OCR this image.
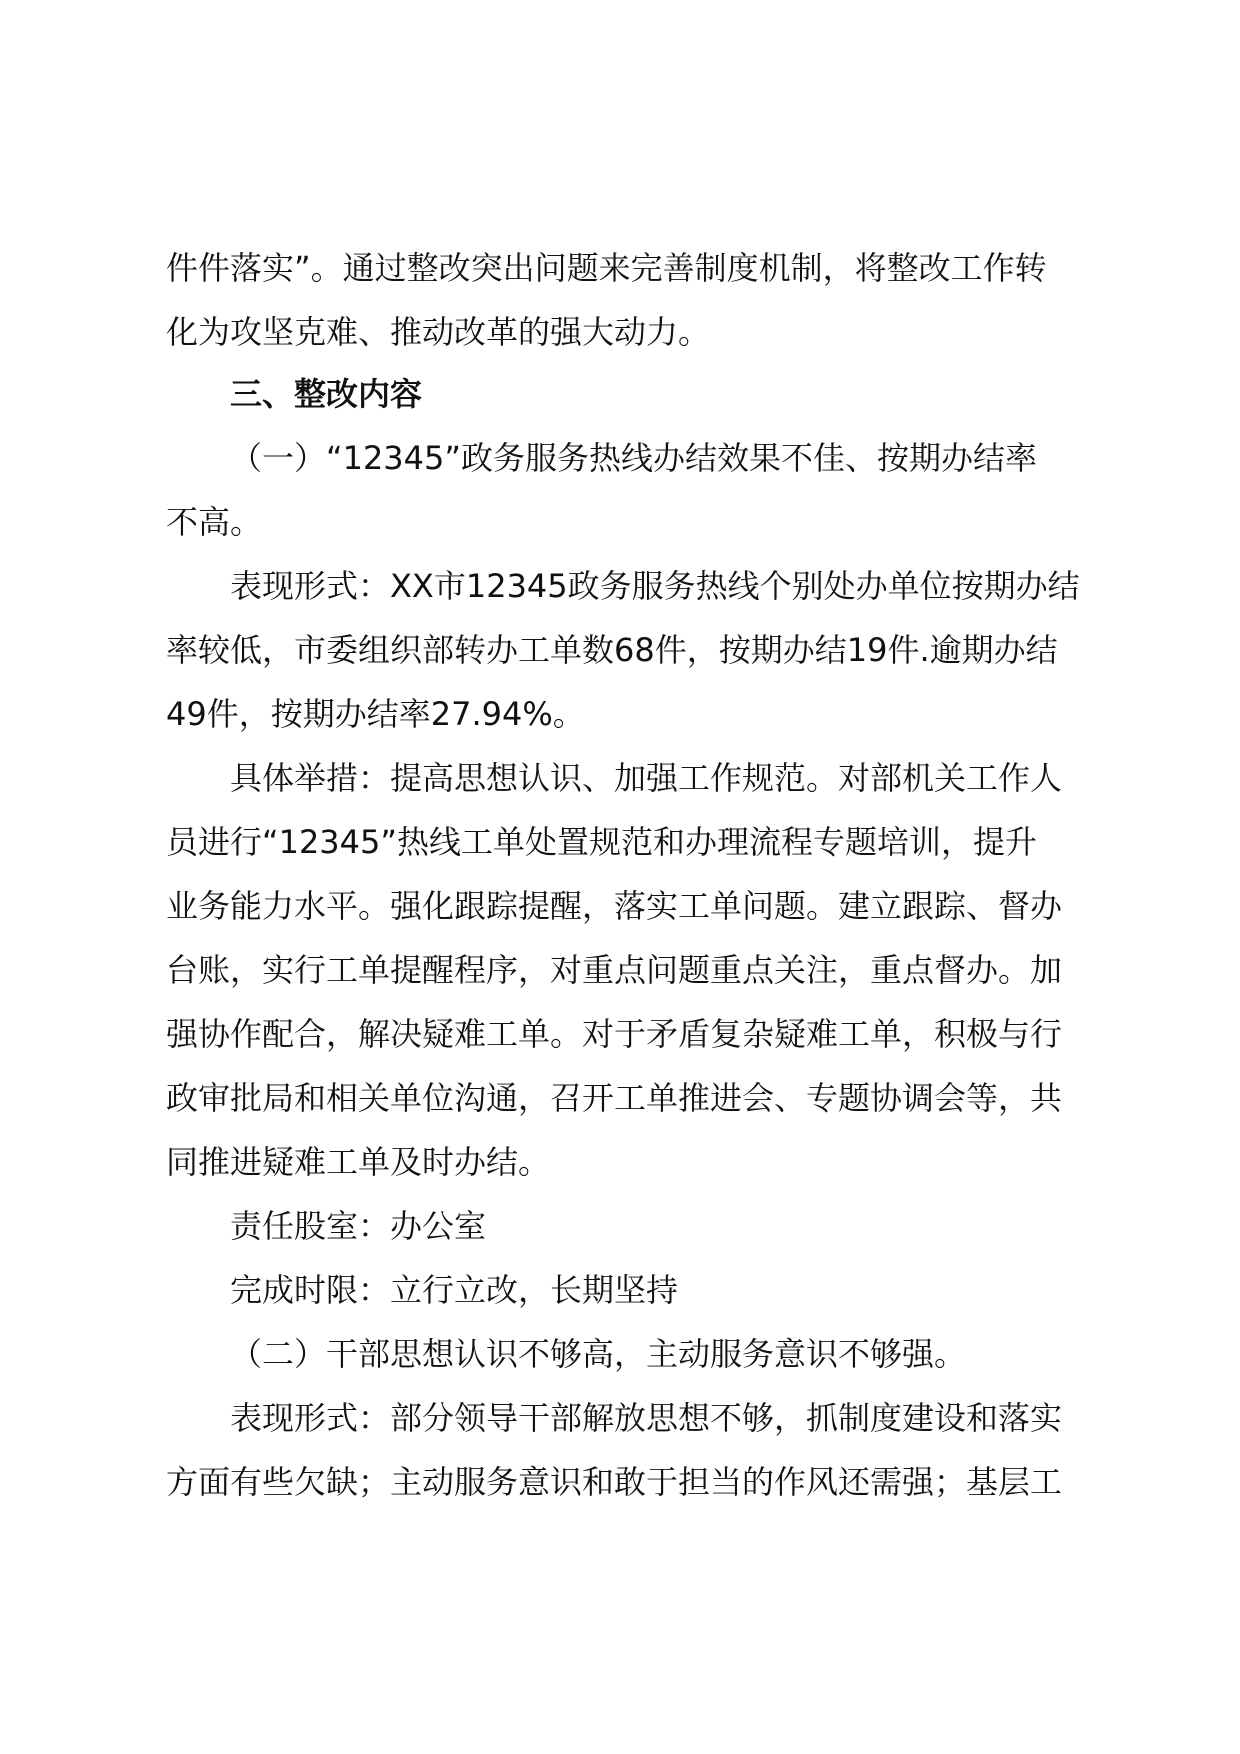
件件落实”。通过整改突出问题来完善制度机制，将整改工作转
化为攻坚克难、推动改革的强大动力。
三、整改内容
（一）“12345”政务服务热线办结效果不佳、按期办结率
不高。
表现形式：XX市12345政务服务热线个别处办单位按期办结
率较低，市委组织部转办工单数68件，按期办结19件.逾期办结
49件，按期办结率27.94%。
具体举措：提高思想认识、加强工作规范。对部机关工作人
员进行“12345”热线工单处置规范和办理流程专题培训，提升
业务能力水平。强化跟踪提醒，落实工单问题。建立跟踪、督办
台账，实行工单提醒程序，对重点问题重点关注，重点督办。加
强协作配合，解决疑难工单。对于矛盾复杂疑难工单，积极与行
政审批局和相关单位沟通，召开工单推进会、专题协调会等，共
同推进疑难工单及时办结。
责任股室：办公室
完成时限：立行立改，长期坚持
（二）干部思想认识不够高，主动服务意识不够强。
表现形式：部分领导干部解放思想不够，抓制度建设和落实
方面有些欠缺；主动服务意识和敢于担当的作风还需强；基层工
